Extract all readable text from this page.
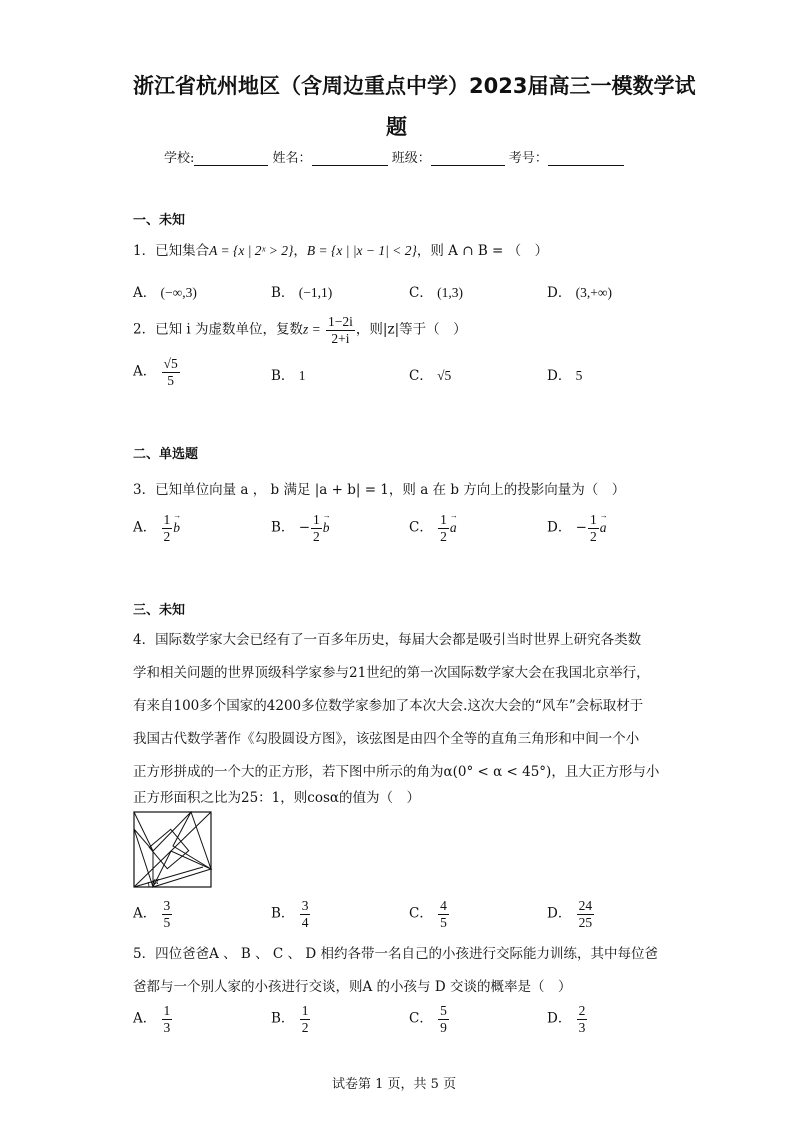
浙江省杭州地区（含周边重点中学）2023届高三一模数学试
题
学校:	姓名：	班级：	考号：
一、未知
1．已知集合A = {x | 2ˣ > 2}，B = {x | |x − 1| < 2}，则 A ∩ B = （　）
A． (−∞,3)	B． (−1,1)	C． (1,3)	D． (3,+∞)
2．已知 i 为虚数单位，复数$z = \frac{1-2i}{2+i}$ ，则|z|等于（　）
A． $\frac{√5}{5}$	B． 1	C． √5	D． 5
二、单选题
3．已知单位向量 a ， b 满足 |a + b| = 1，则 a 在 b 方向上的投影向量为（　）
A． $\frac{1}{2}$
→ b	B． − $\frac{1}{2}$
→ b	C． $\frac{1}{2}$
→ a	D． − $\frac{1}{2}$
→ a
三、未知
4．国际数学家大会已经有了一百多年历史，每届大会都是吸引当时世界上研究各类数
学和相关问题的世界顶级科学家参与21世纪的第一次国际数学家大会在我国北京举行，
有来自100多个国家的4200多位数学家参加了本次大会.这次大会的“风车”会标取材于
我国古代数学著作《勾股圆设方图》，该弦图是由四个全等的直角三角形和中间一个小
正方形拼成的一个大的正方形，若下图中所示的角为α(0° < α < 45°)，且大正方形与小
正方形面积之比为25：1，则cosα的值为（　）
α
A． $\frac{3}{5}$	B． $\frac{3}{4}$	C． $\frac{4}{5}$	D． $\frac{24}{25}$
5．四位爸爸A 、 B 、 C 、 D 相约各带一名自己的小孩进行交际能力训练，其中每位爸
爸都与一个别人家的小孩进行交谈，则A 的小孩与 D 交谈的概率是（　）
A． $\frac{1}{3}$	B． $\frac{1}{2}$	C． $\frac{5}{9}$	D． $\frac{2}{3}$
试卷第 1 页，共 5 页
